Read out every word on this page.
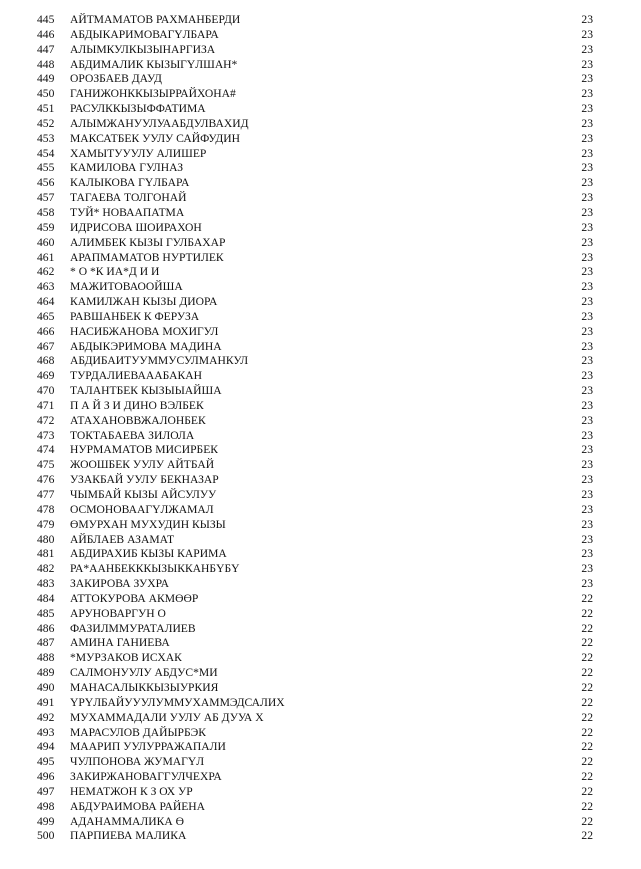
445	АЙТМАМАТОВ РАХМАНБЕРДИ	23
446	АБДЫКАРИМОВАГҮЛБАРА	23
447	АЛЫМКУЛКЫЗЫНАРГИЗА	23
448	АБДИМАЛИК КЫЗЫГҮЛШАН*	23
449	ОРОЗБАЕВ ДАУД	23
450	ГАНИЖОНККЫЗЫРРАЙХОНА#	23
451	РАСУЛККЫЗЫФФАТИМА	23
452	АЛЫМЖАНУУЛУААБДУЛВАХИД	23
453	МАКСАТБЕК УУЛУ САЙФУДИН	23
454	ХАМЫТУУУЛУ АЛИШЕР	23
455	КАМИЛОВА ГУЛНАЗ	23
456	КАЛЫКОВА ГҮЛБАРА	23
457	ТАГАЕВА ТОЛГОНАЙ	23
458	ТУЙ* НОВААПАТМА	23
459	ИДРИСОВА ШОИРАХОН	23
460	АЛИМБЕК КЫЗЫ ГУЛБАХАР	23
461	АРАПМАМАТОВ НУРТИЛЕК	23
462	* О *К ИА*Д И И	23
463	МАЖИТОВАООЙША	23
464	КАМИЛЖАН КЫЗЫ ДИОРА	23
465	РАВШАНБЕК К ФЕРУЗА	23
466	НАСИБЖАНОВА МОХИГУЛ	23
467	АБДЫКЭРИМОВА МАДИНА	23
468	АБДИБАИТУУММУСУЛМАНКУЛ	23
469	ТУРДАЛИЕВАААБАКАН	23
470	ТАЛАНТБЕК КЫЗЫЫАЙША	23
471	П А Й З И ДИНО ВЭЛБЕК	23
472	АТАХАНОВВЖАЛОНБЕК	23
473	ТОКТАБАЕВА ЗИЛОЛА	23
474	НУРМАМАТОВ МИСИРБЕК	23
475	ЖООШБЕК УУЛУ АЙТБАЙ	23
476	УЗАКБАЙ УУЛУ БЕКНАЗАР	23
477	ЧЫМБАЙ КЫЗЫ АЙСУЛУУ	23
478	ОСМОНОВААГҮЛЖАМАЛ	23
479	ӨМУРХАН МУХУДИН КЫЗЫ	23
480	АЙБЛАЕВ АЗАМАТ	23
481	АБДИРАХИБ КЫЗЫ КАРИМА	23
482	РА*ААНБЕКККЫЗЫККАНБҮБҮ	23
483	ЗАКИРОВА ЗУХРА	23
484	АТТОКУРОВА АКМӨӨР	22
485	АРУНОВАРГУН О	22
486	ФАЗИЛММУРАТАЛИЕВ	22
487	АМИНА ГАНИЕВА	22
488	*МУРЗАКОВ ИСХАК	22
489	САЛМОНУУЛУ АБДУС*МИ	22
490	МАНАСАЛЫККЫЗЫУРКИЯ	22
491	ҮРҮЛБАЙУУУЛУММУХАММЭДСАЛИХ	22
492	МУХАММАДАЛИ УУЛУ АБ ДУУА Х	22
493	МАРАСУЛОВ ДАЙЫРБЭК	22
494	МААРИП УУЛУРРАЖАПАЛИ	22
495	ЧУЛПОНОВА ЖУМАГҮЛ	22
496	ЗАКИРЖАНОВАГГУЛЧЕХРА	22
497	НЕМАТЖОН К З ОХ УР	22
498	АБДУРАИМОВА РАЙЕНА	22
499	АДАНАММАЛИКА Ө	22
500	ПАРПИЕВА МАЛИКА	22
